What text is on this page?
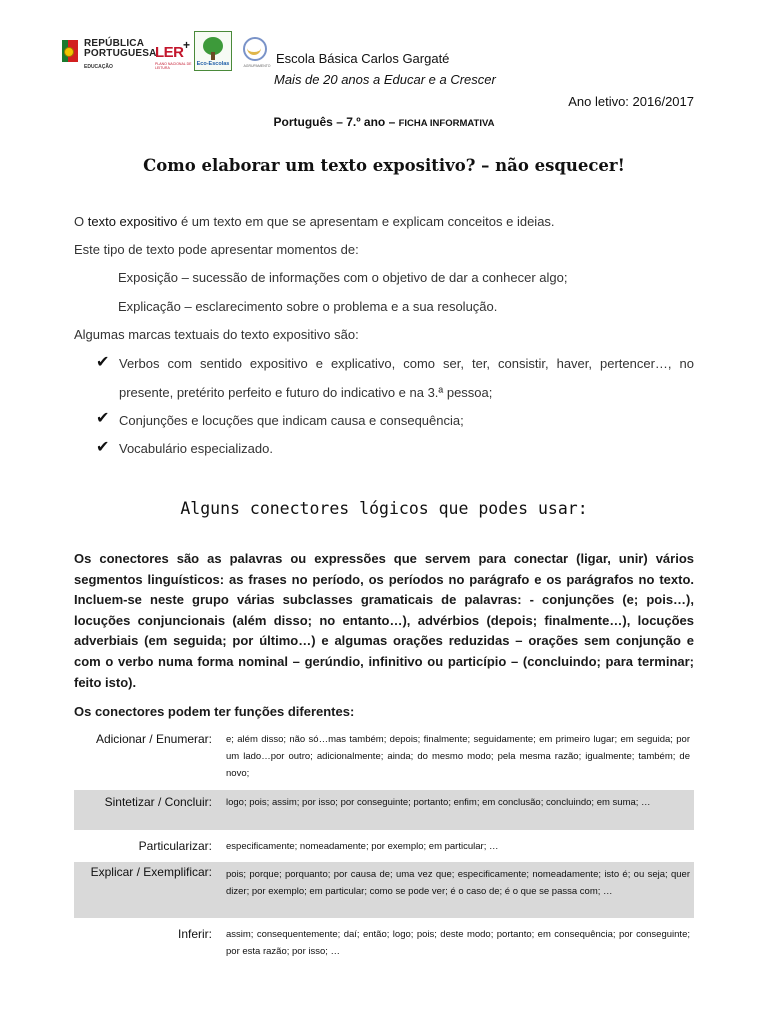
REPÚBLICA
PORTUGUESA
EDUCAÇÃO
LER +
PLANO NACIONAL DE LEITURA
Eco-Escolas	AGRUPAMENTO Escola Básica Carlos Gargaté
Mais de 20 anos a Educar e a Crescer
Ano letivo: 2016/2017
Português – 7.º ano – FICHA INFORMATIVA
Como elaborar um texto expositivo? – não esquecer!
O texto expositivo é um texto em que se apresentam e explicam conceitos e ideias.
Este tipo de texto pode apresentar momentos de:
Exposição – sucessão de informações com o objetivo de dar a conhecer algo;
Explicação – esclarecimento sobre o problema e a sua resolução.
Algumas marcas textuais do texto expositivo são:
✔ Verbos com sentido expositivo e explicativo, como ser, ter, consistir, haver, pertencer…, no
presente, pretérito perfeito e futuro do indicativo e na 3.ª pessoa;
✔ Conjunções e locuções que indicam causa e consequência;
✔ Vocabulário especializado.
Alguns conectores lógicos que podes usar:
Os conectores são as palavras ou expressões que servem para conectar (ligar, unir) vários segmentos linguísticos: as frases no período, os períodos no parágrafo e os parágrafos no texto. Incluem-se neste grupo várias subclasses gramaticais de palavras: - conjunções (e; pois…), locuções conjuncionais (além disso; no entanto…), advérbios (depois; finalmente…), locuções adverbiais (em seguida; por último…) e algumas orações reduzidas – orações sem conjunção e com o verbo numa forma nominal – gerúndio, infinitivo ou particípio – (concluindo; para terminar; feito isto).
Os conectores podem ter funções diferentes:
Adicionar / Enumerar:	e; além disso; não só…mas também; depois; finalmente; seguidamente; em primeiro lugar; em seguida; por um lado…por outro; adicionalmente; ainda; do mesmo modo; pela mesma razão; igualmente; também; de novo;
Sintetizar / Concluir:	logo; pois; assim; por isso; por conseguinte; portanto; enfim; em conclusão; concluindo; em suma; …
Particularizar:	especificamente; nomeadamente; por exemplo; em particular; …
Explicar / Exemplificar:	pois; porque; porquanto; por causa de; uma vez que; especificamente; nomeadamente; isto é; ou seja; quer dizer; por exemplo; em particular; como se pode ver; é o caso de; é o que se passa com; …
Inferir:	assim; consequentemente; daí; então; logo; pois; deste modo; portanto; em consequência; por conseguinte; por esta razão; por isso; …
